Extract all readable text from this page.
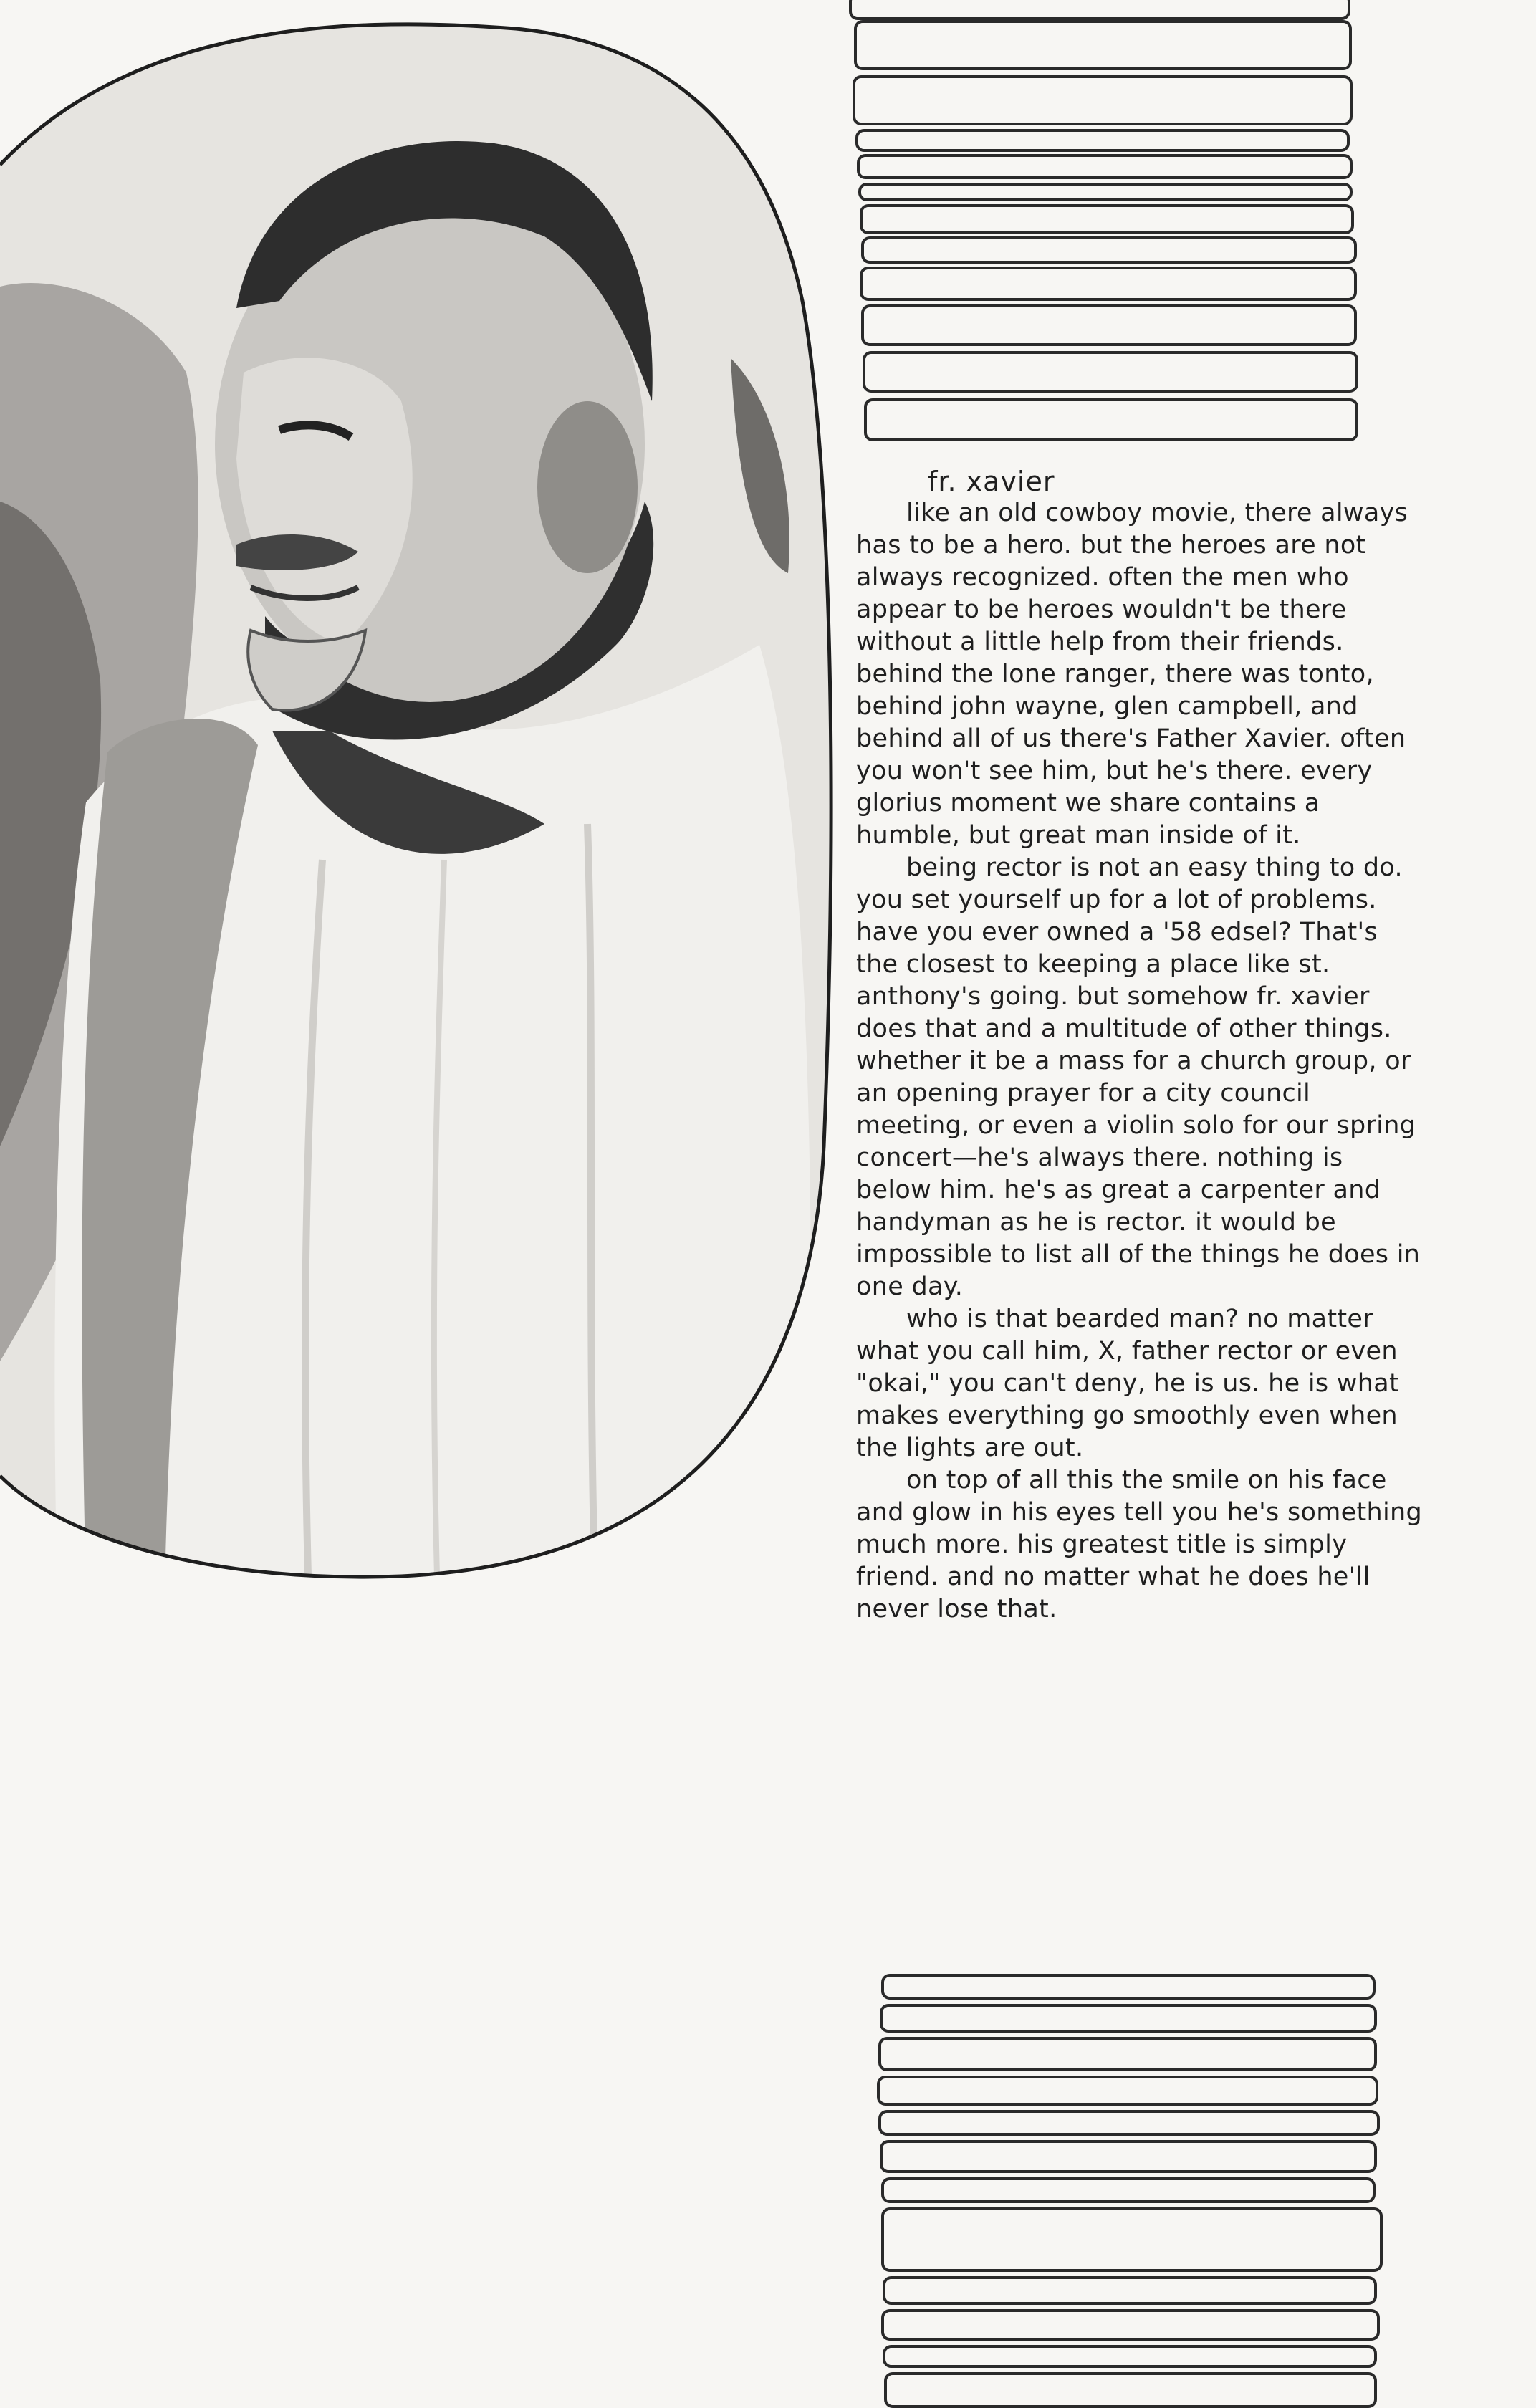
fr. xavier

like an old cowboy movie, there always has to be a hero. but the heroes are not always recognized. often the men who appear to be heroes wouldn't be there without a little help from their friends. behind the lone ranger, there was tonto, behind john wayne, glen campbell, and behind all of us there's Father Xavier. often you won't see him, but he's there. every glorius moment we share contains a humble, but great man inside of it.

being rector is not an easy thing to do. you set yourself up for a lot of problems. have you ever owned a '58 edsel? That's the closest to keeping a place like st. anthony's going. but somehow fr. xavier does that and a multitude of other things. whether it be a mass for a church group, or an opening prayer for a city council meeting, or even a violin solo for our spring concert—he's always there. nothing is below him. he's as great a carpenter and handyman as he is rector. it would be impossible to list all of the things he does in one day.

who is that bearded man? no matter what you call him, X, father rector or even "okai," you can't deny, he is us. he is what makes everything go smoothly even when the lights are out.

on top of all this the smile on his face and glow in his eyes tell you he's something much more. his greatest title is simply friend. and no matter what he does he'll never lose that.
